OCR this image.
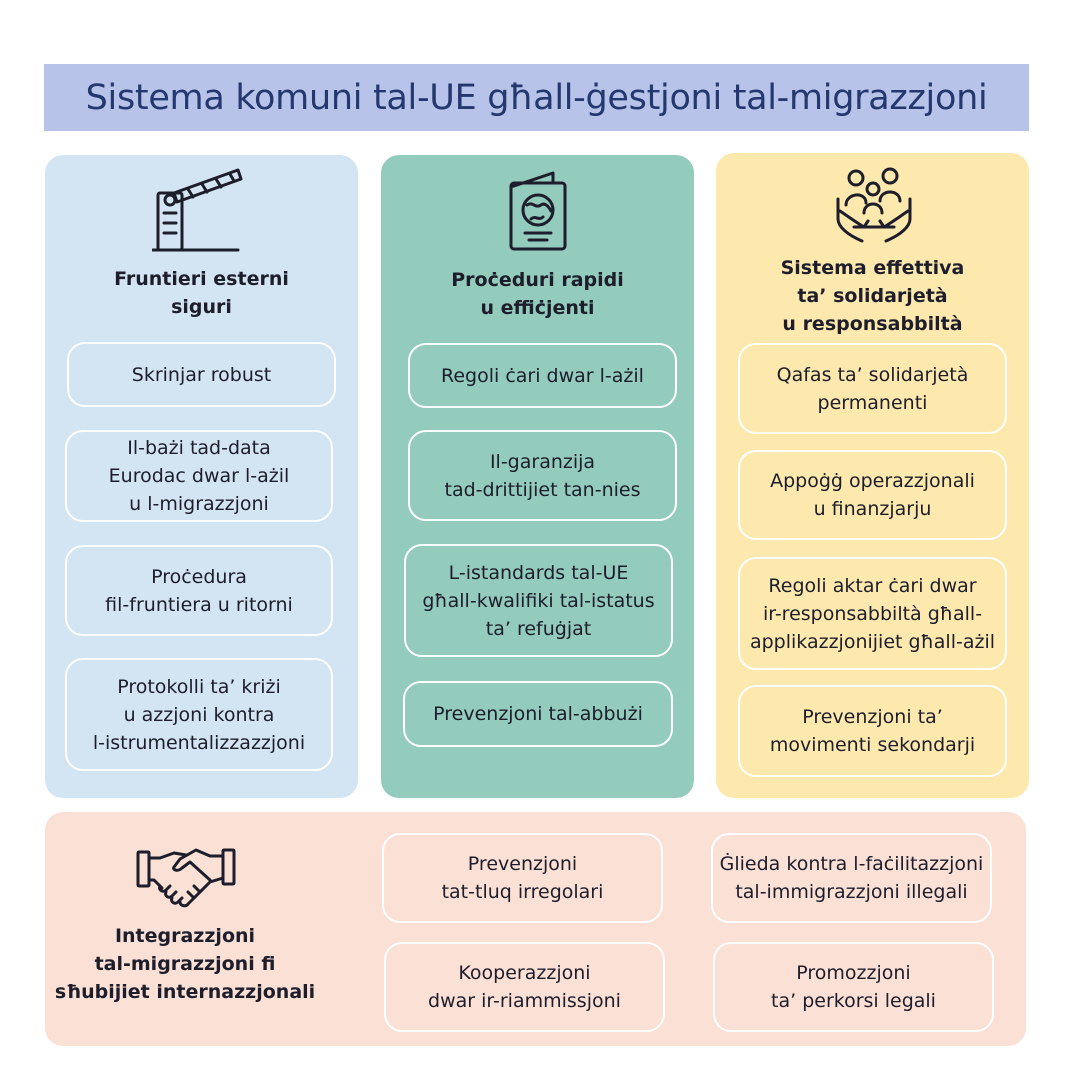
Sistema komuni tal-UE għall-ġestjoni tal-migrazzjoni
Fruntieri esterni
siguri
Skrinjar robust
Il-bażi tad-data
Eurodac dwar l-ażil
u l-migrazzjoni
Proċedura
fil-fruntiera u ritorni
Protokolli ta’ kriżi
u azzjoni kontra
l-istrumentalizzazzjoni
Proċeduri rapidi
u effiċjenti
Regoli ċari dwar l-ażil
Il-garanzija
tad-drittijiet tan-nies
L-istandards tal-UE
għall-kwalifiki tal-istatus
ta’ refuġjat
Prevenzjoni tal-abbużi
Sistema effettiva
ta’ solidarjetà
u responsabbiltà
Qafas ta’ solidarjetà
permanenti
Appoġġ operazzjonali
u finanzjarju
Regoli aktar ċari dwar
ir-responsabbiltà għall-
applikazzjonijiet għall-ażil
Prevenzjoni ta’
movimenti sekondarji
Integrazzjoni
tal-migrazzjoni fi
sħubijiet internazzjonali
Prevenzjoni
tat-tluq irregolari
Ġlieda kontra l-faċilitazzjoni
tal-immigrazzjoni illegali
Kooperazzjoni
dwar ir-riammissjoni
Promozzjoni
ta’ perkorsi legali
